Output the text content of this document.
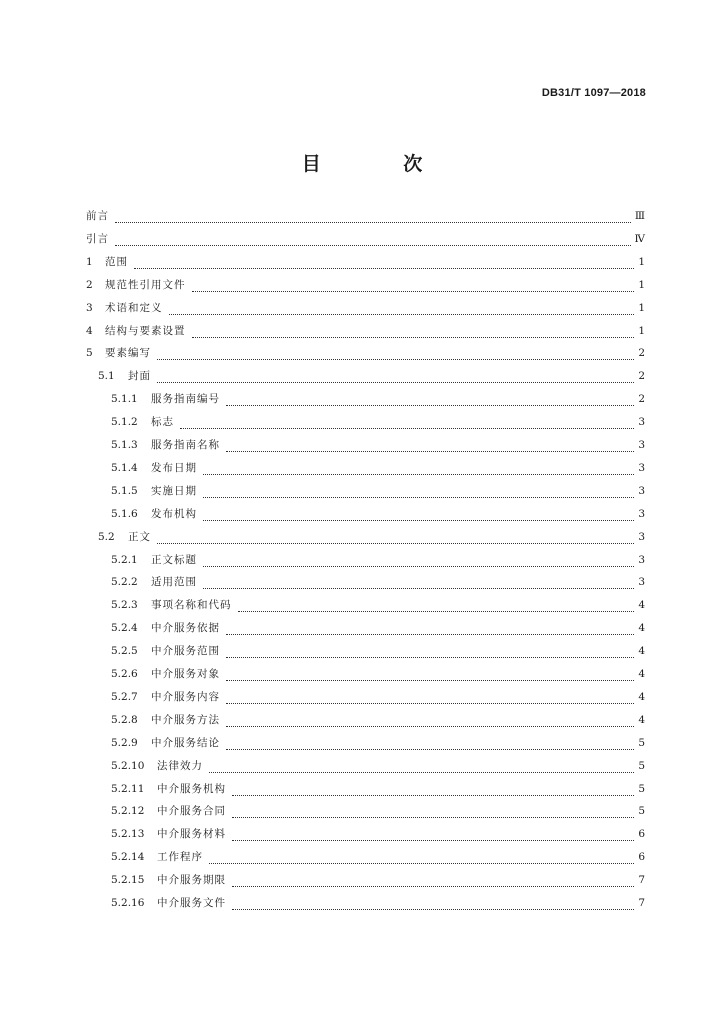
DB31/T 1097—2018
目 次
前言	Ⅲ
引言	Ⅳ
1	范围	1
2	规范性引用文件	1
3	术语和定义	1
4	结构与要素设置	1
5	要素编写	2
5.1	封面	2
5.1.1	服务指南编号	2
5.1.2	标志	3
5.1.3	服务指南名称	3
5.1.4	发布日期	3
5.1.5	实施日期	3
5.1.6	发布机构	3
5.2	正文	3
5.2.1	正文标题	3
5.2.2	适用范围	3
5.2.3	事项名称和代码	4
5.2.4	中介服务依据	4
5.2.5	中介服务范围	4
5.2.6	中介服务对象	4
5.2.7	中介服务内容	4
5.2.8	中介服务方法	4
5.2.9	中介服务结论	5
5.2.10	法律效力	5
5.2.11	中介服务机构	5
5.2.12	中介服务合同	5
5.2.13	中介服务材料	6
5.2.14	工作程序	6
5.2.15	中介服务期限	7
5.2.16	中介服务文件	7
